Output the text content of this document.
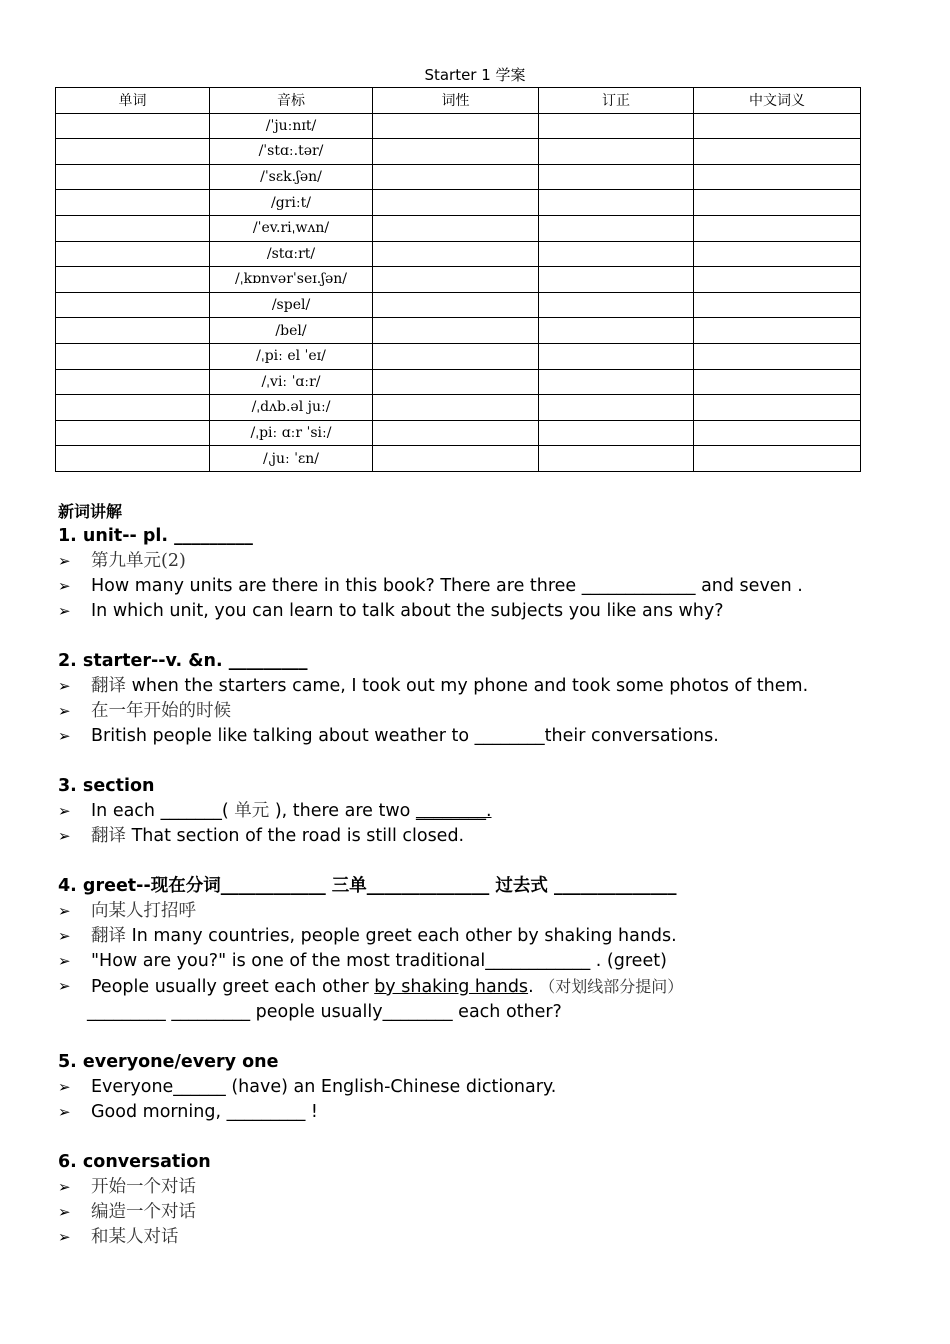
Starter 1 学案
单词	音标	词性	订正	中文词义
	/ˈjuːnɪt/			
	/ˈstɑː.tər/			
	/ˈsɛk.ʃən/			
	/griːt/			
	/ˈev.riˌwʌn/			
	/stɑːrt/			
	/ˌkɒnvərˈseɪ.ʃən/			
	/spel/			
	/bel/			
	/ˌpiː el ˈeɪ/			
	/ˌviː ˈɑːr/			
	/ˌdʌb.əl juː/			
	/ˌpiː ɑːr ˈsiː/			
	/ˌjuː ˈɛn/			
新词讲解
1. unit-- pl. _________
➢	第九单元(2)
➢	How many units are there in this book? There are three _____________ and seven .
➢	In which unit, you can learn to talk about the subjects you like ans why?
2. starter--v. &n. _________
➢	翻译 when the starters came, I took out my phone and took some photos of them.
➢	在一年开始的时候
➢	British people like talking about weather to ________their conversations.
3. section
➢	In each _______( 单元 ), there are two ________.
➢	翻译 That section of the road is still closed.
4. greet--现在分词____________ 三单______________ 过去式 ______________
➢	向某人打招呼
➢	翻译 In many countries, people greet each other by shaking hands.
➢	"How are you?" is one of the most traditional____________ . (greet)
➢	People usually greet each other by shaking hands. （对划线部分提问）
_________ _________ people usually________ each other?
5. everyone/every one
➢	Everyone______ (have) an English-Chinese dictionary.
➢	Good morning, _________ !
6. conversation
➢	开始一个对话
➢	编造一个对话
➢	和某人对话
